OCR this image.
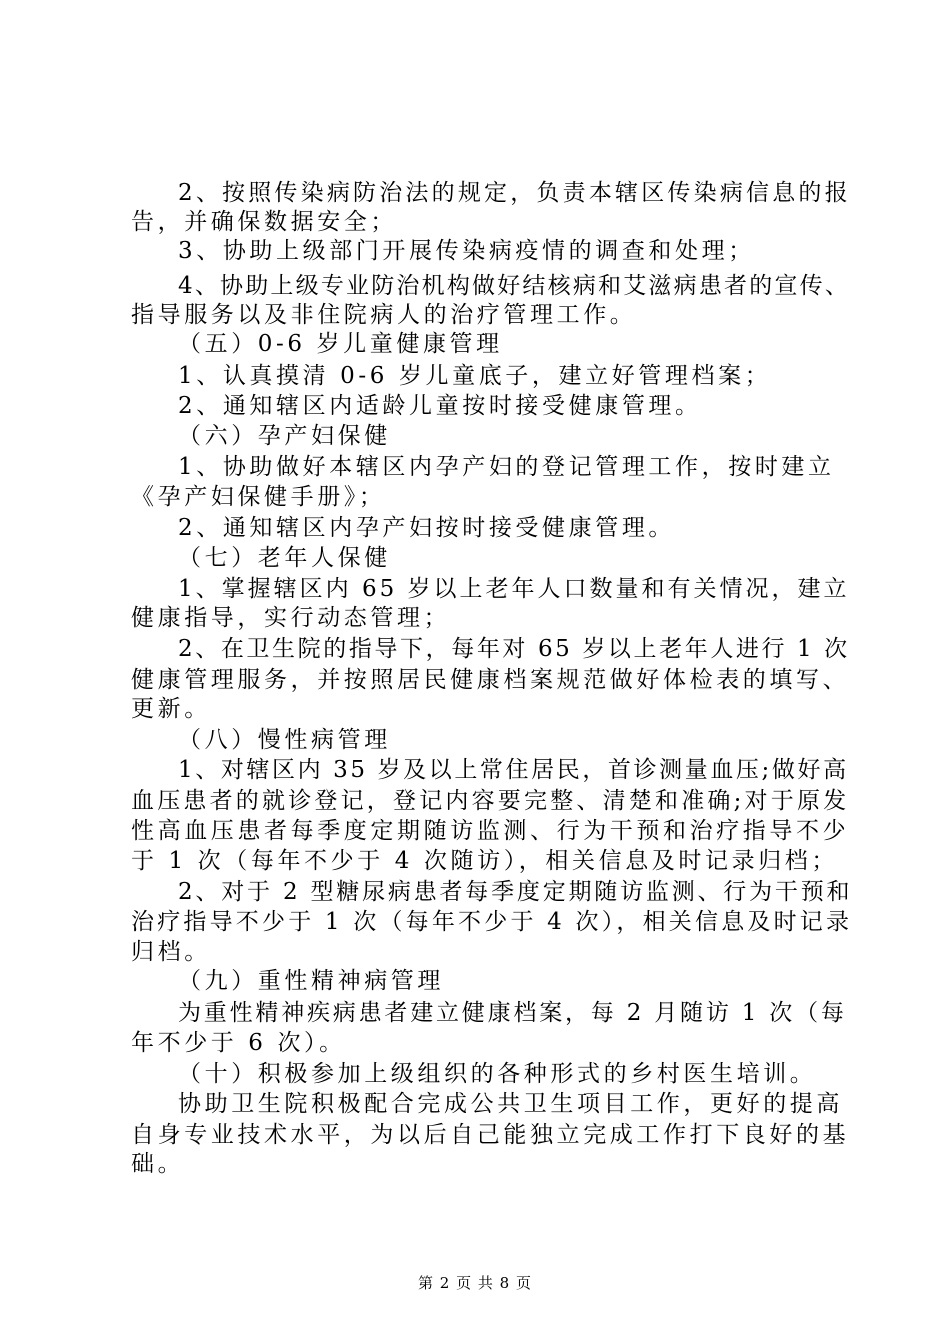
2、按照传染病防治法的规定，负责本辖区传染病信息的报
告，并确保数据安全；
3、协助上级部门开展传染病疫情的调查和处理；
4、协助上级专业防治机构做好结核病和艾滋病患者的宣传、
指导服务以及非住院病人的治疗管理工作。
（五）0-6 岁儿童健康管理
1、认真摸清 0-6 岁儿童底子，建立好管理档案；
2、通知辖区内适龄儿童按时接受健康管理。
（六）孕产妇保健
1、协助做好本辖区内孕产妇的登记管理工作，按时建立
《孕产妇保健手册》；
2、通知辖区内孕产妇按时接受健康管理。
（七）老年人保健
1、掌握辖区内 65 岁以上老年人口数量和有关情况，建立
健康指导，实行动态管理；
2、在卫生院的指导下，每年对 65 岁以上老年人进行 1 次
健康管理服务，并按照居民健康档案规范做好体检表的填写、
更新。
（八）慢性病管理
1、对辖区内 35 岁及以上常住居民，首诊测量血压;做好高
血压患者的就诊登记，登记内容要完整、清楚和准确;对于原发
性高血压患者每季度定期随访监测、行为干预和治疗指导不少
于 1 次（每年不少于 4 次随访），相关信息及时记录归档；
2、对于 2 型糖尿病患者每季度定期随访监测、行为干预和
治疗指导不少于 1 次（每年不少于 4 次），相关信息及时记录
归档。
（九）重性精神病管理
为重性精神疾病患者建立健康档案，每 2 月随访 1 次（每
年不少于 6 次）。
（十）积极参加上级组织的各种形式的乡村医生培训。
协助卫生院积极配合完成公共卫生项目工作，更好的提高
自身专业技术水平，为以后自己能独立完成工作打下良好的基
础。
第 2 页 共 8 页
